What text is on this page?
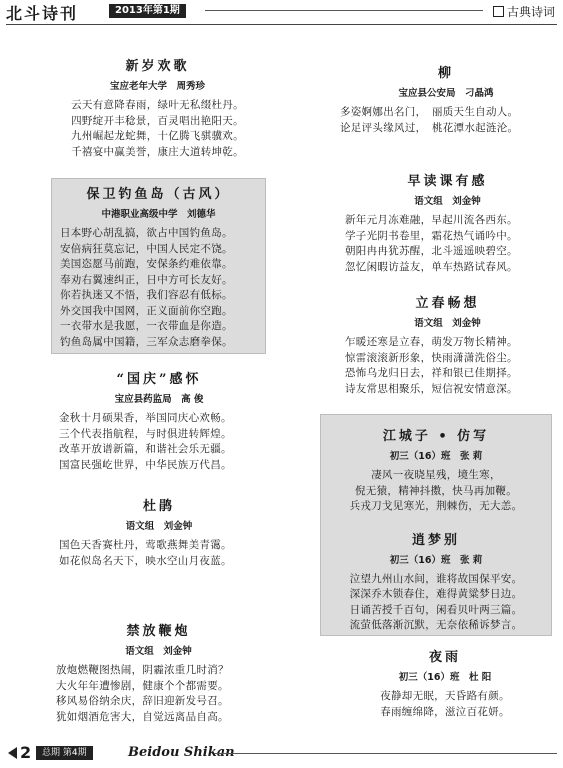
北斗诗刊	2013年第1期	古典诗词
新岁欢歌
宝应老年大学　周秀珍
云天有意降春雨，绿叶无私缀杜丹。
四野绽开丰稔景，百灵唱出艳阳天。
九州崛起龙蛇舞，十亿腾飞骐骥欢。
千禧宴中赢美誉，康庄大道转坤乾。
保卫钓鱼岛（古风）
中港职业高级中学　刘德华
日本野心胡乱搞，欲占中国钓鱼岛。
安倍病狂莫忘记，中国人民定不饶。
美国恣愿马前跑，安保条约难依靠。
奉劝右翼速纠正，日中方可长友好。
你若执迷又不悟，我们容忍有低标。
外交国我中国网，正义面前你空跑。
一衣带水是我愿，一衣带血是你造。
钓鱼岛属中国籍，三军众志磨拳保。
“国庆”感怀
宝应县药监局　高 俊
金秋十月硕果香，举国同庆心欢畅。
三个代表指航程，与时俱进转辉煌。
改革开放谱新篇，和谐社会乐无疆。
国富民强屹世界，中华民族万代昌。
杜鹃
语文组　刘金钟
国色天香赛杜丹，莺歌燕舞美青霭。
如花似岛名天下，映水空山月夜蓝。
禁放鞭炮
语文组　刘金钟
放炮燃鞭图热闹，阴霾浓重几时消？
大火年年遭惨剧，健康个个都需要。
移风易俗纳余庆，辞旧迎新发号召。
犹如烟酒危害大，自觉远离品自高。
柳
宝应县公安局　刁晶鸿
多姿婀娜出名门，　丽质天生自动人。
论足评头缘风过，　桃花潭水起涟沦。
早读课有感
语文组　刘金钟
新年元月冻难融，早起川流各西东。
学子光阴书卷里，霜花热气诵吟中。
朝阳冉冉犹苏醒，北斗遥遥映碧空。
忽忆闲暇访益友，单车热路试春风。
立春畅想
语文组　刘金钟
乍暖还寒是立春，萌发万物长精神。
惊雷滚滚新形象，快雨潇潇洗俗尘。
恐怖乌龙归日去，祥和银已佳期择。
诗友常思相聚乐，短信祝安情意深。
江城子 • 仿写
初三（16）班　张 莉
凄风一夜晓星残，境生寒，
倪无猿，精神抖擞，快马再加鞭。
兵戎刀戈见寒光，荆棘伤，无大恙。
逍梦别
初三（16）班　张 莉
泣望九州山水间，谁将故国保平安。
深深乔木锁春住，难得黄粱梦日边。
日诵苦授千百句，闲看贝叶两三篇。
流萤低落渐沉默，无奈依稀诉梦言。
夜雨
初三（16）班　杜 阳
夜静却无眠，天昏路有颜。
春雨缠绵降，滋泣百花妍。
2	总期 第4期	Beidou Shikan
